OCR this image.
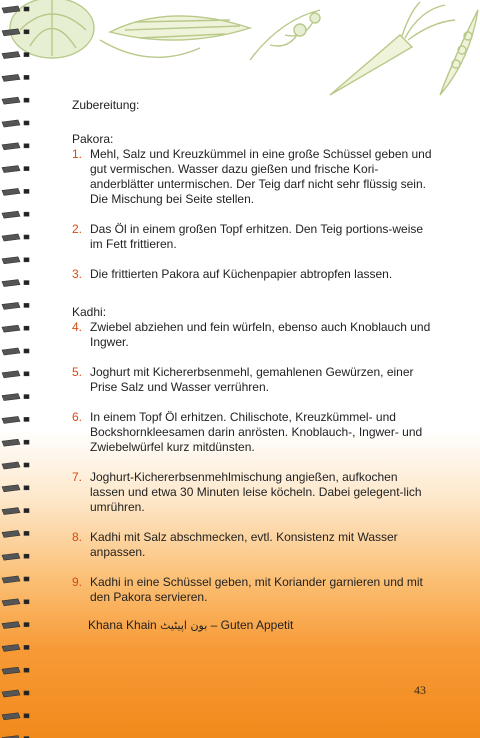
Zubereitung:

Pakora:

1. Mehl, Salz und Kreuzkümmel in eine große Schüssel geben und gut vermischen. Wasser dazu gießen und frische Kori-anderblätter untermischen. Der Teig darf nicht sehr flüssig sein. Die Mischung bei Seite stellen.
2. Das Öl in einem großen Topf erhitzen. Den Teig portions-weise im Fett frittieren.
3. Die frittierten Pakora auf Küchenpapier abtropfen lassen.

Kadhi:

4. Zwiebel abziehen und fein würfeln, ebenso auch Knoblauch und Ingwer.
5. Joghurt mit Kichererbsenmehl, gemahlenen Gewürzen, einer Prise Salz und Wasser verrühren.
6. In einem Topf Öl erhitzen. Chilischote, Kreuzkümmel- und Bockshornkleesamen darin anrösten. Knoblauch-, Ingwer- und Zwiebelwürfel kurz mitdünsten.
7. Joghurt-Kichererbsenmehlmischung angießen, aufkochen lassen und etwa 30 Minuten leise köcheln. Dabei gelegent-lich umrühren.
8. Kadhi mit Salz abschmecken, evtl. Konsistenz mit Wasser anpassen.
9. Kadhi in eine Schüssel geben, mit Koriander garnieren und mit den Pakora servieren.
Khana Khain بون اپیٹیٹ – Guten Appetit
43
